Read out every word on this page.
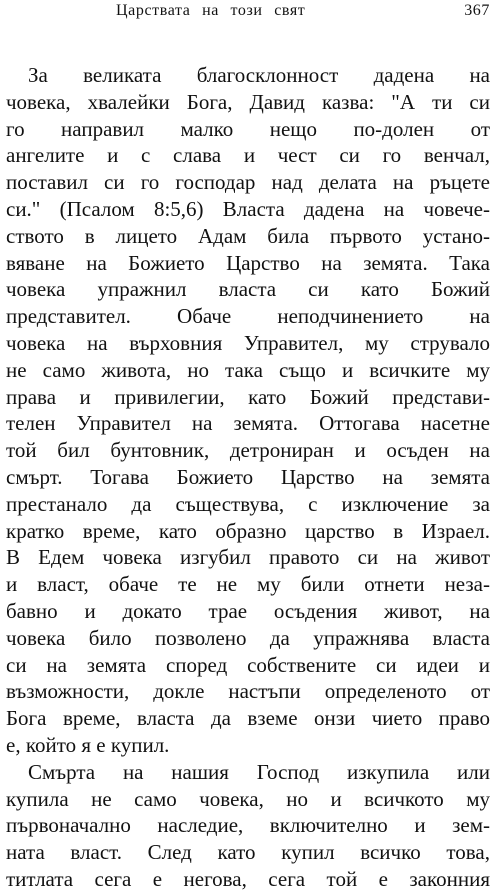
Царствата на този свят	367
За великата благосклонност дадена на
човека, хвалейки Бога, Давид казва: "А ти си
го направил малко нещо по-долен от
ангелите и с слава и чест си го венчал,
поставил си го господар над делата на ръцете
си." (Псалом 8:5,6) Власта дадена на човече-
ството в лицето Адам била първото устано-
вяване на Божието Царство на земята. Така
човека упражнил власта си като Божий
представител. Обаче неподчинението на
човека на върховния Управител, му струвало
не само живота, но така също и всичките му
права и привилегии, като Божий представи-
телен Управител на земята. Оттогава насетне
той бил бунтовник, детрониран и осъден на
смърт. Тогава Божието Царство на земята
престанало да съществува, с изключение за
кратко време, като образно царство в Израел.
В Едем човека изгубил правото си на живот
и власт, обаче те не му били отнети неза-
бавно и докато трае осъдения живот, на
човека било позволено да упражнява власта
си на земята според собствените си идеи и
възможности, докле настъпи определеното от
Бога време, власта да вземе онзи чието право
е, който я е купил.
Смърта на нашия Господ изкупила или
купила не само човека, но и всичкото му
първоначално наследие, включително и зем-
ната власт. След като купил всичко това,
титлата сега е негова, сега той е законния
